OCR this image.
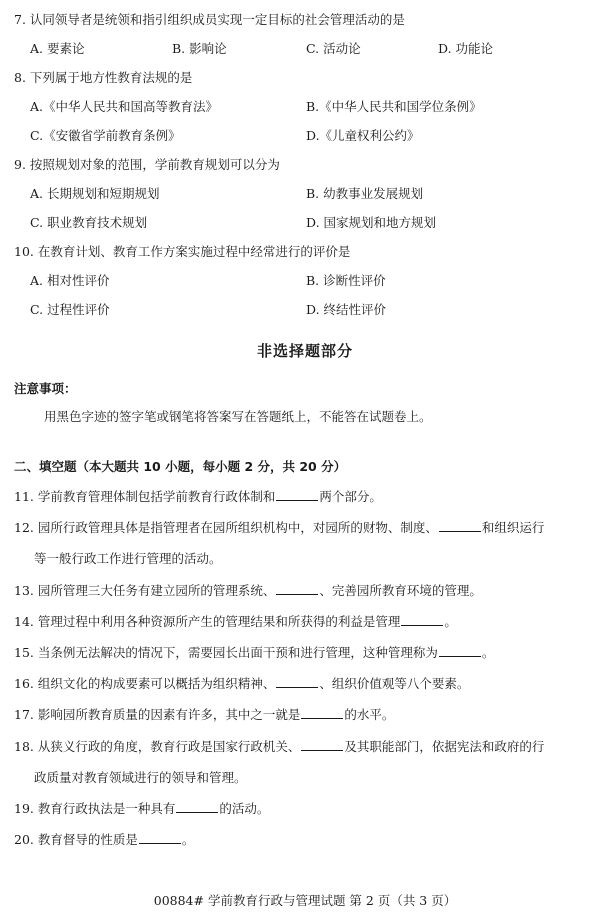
7. 认同领导者是统领和指引组织成员实现一定目标的社会管理活动的是
A. 要素论	B. 影响论	C. 活动论	D. 功能论
8. 下列属于地方性教育法规的是
A.《中华人民共和国高等教育法》	B.《中华人民共和国学位条例》
C.《安徽省学前教育条例》	D.《儿童权利公约》
9. 按照规划对象的范围，学前教育规划可以分为
A. 长期规划和短期规划	B. 幼教事业发展规划
C. 职业教育技术规划	D. 国家规划和地方规划
10. 在教育计划、教育工作方案实施过程中经常进行的评价是
A. 相对性评价	B. 诊断性评价
C. 过程性评价	D. 终结性评价
非选择题部分
注意事项：
用黑色字迹的签字笔或钢笔将答案写在答题纸上，不能答在试题卷上。
二、填空题（本大题共 10 小题，每小题 2 分，共 20 分）
11. 学前教育管理体制包括学前教育行政体制和	两个部分。
12. 园所行政管理具体是指管理者在园所组织机构中，对园所的财物、制度、	和组织运行
等一般行政工作进行管理的活动。
13. 园所管理三大任务有建立园所的管理系统、	、完善园所教育环境的管理。
14. 管理过程中利用各种资源所产生的管理结果和所获得的利益是管理	。
15. 当条例无法解决的情况下，需要园长出面干预和进行管理，这种管理称为	。
16. 组织文化的构成要素可以概括为组织精神、	、组织价值观等八个要素。
17. 影响园所教育质量的因素有许多，其中之一就是	的水平。
18. 从狭义行政的角度，教育行政是国家行政机关、	及其职能部门，依据宪法和政府的行
政质量对教育领域进行的领导和管理。
19. 教育行政执法是一种具有	的活动。
20. 教育督导的性质是	。
00884# 学前教育行政与管理试题 第 2 页（共 3 页）
